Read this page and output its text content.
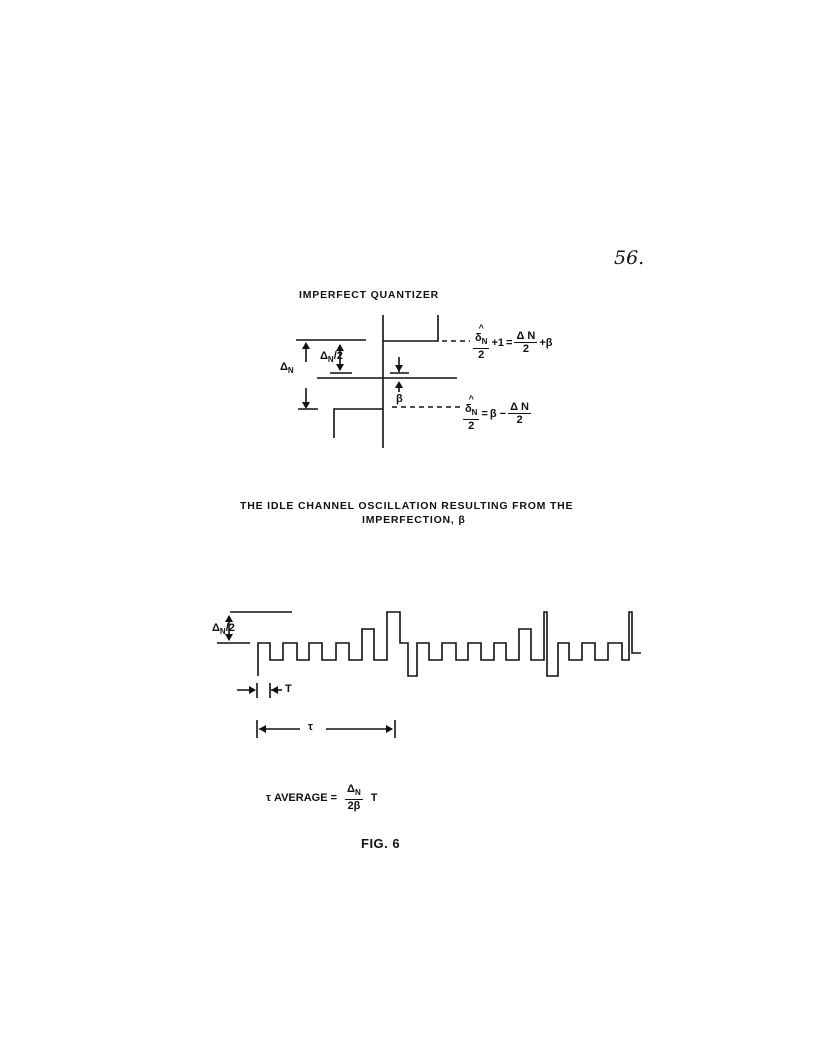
56.
IMPERFECT QUANTIZER
$\Delta_N$
$\Delta_N/2$
β
^
$\delta_N$
2
$+1 = \frac{\text{Δ N}}{2} +\beta$
^
$\delta_N$
2
= $\beta - \frac{\text{Δ N}}{2}$
THE IDLE CHANNEL OSCILLATION RESULTING FROM THE
IMPERFECTION, β
$\Delta_N/2$
T
τ
τ AVERAGE = $\frac{\Delta_N}{2\beta}$ T
FIG. 6
